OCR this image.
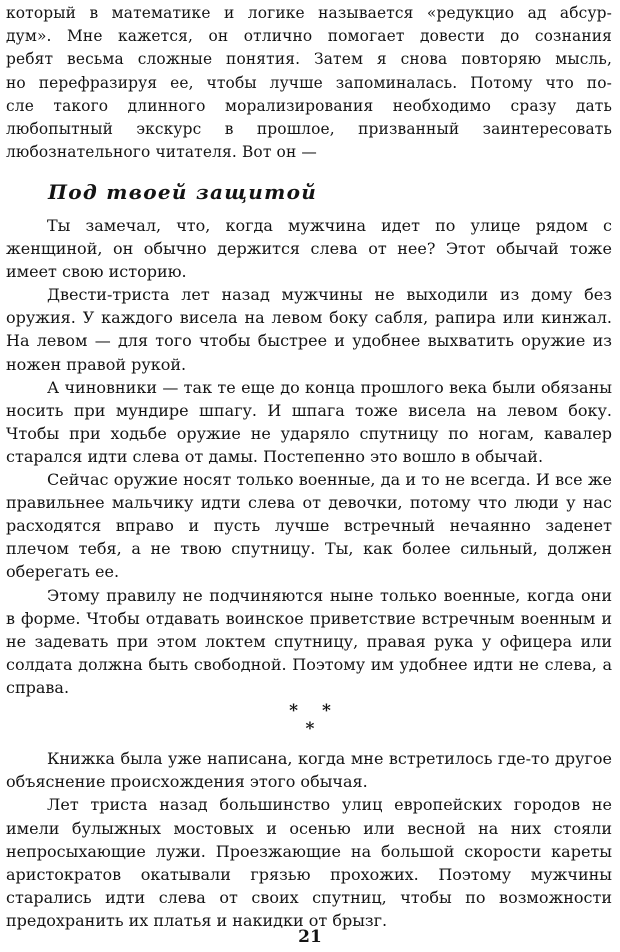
который в математике и логике называется «редукцио ад абсур-

дум». Мне кажется, он отлично помогает довести до сознания

ребят весьма сложные понятия. Затем я снова повторяю мысль,

но перефразируя ее, чтобы лучше запоминалась. Потому что по-

сле такого длинного морализирования необходимо сразу дать

любопытный экскурс в прошлое, призванный заинтересовать

любознательного читателя. Вот он —

Под твоей защитой

Ты замечал, что, когда мужчина идет по улице рядом с женщиной, он обычно держится слева от нее? Этот обычай тоже имеет свою историю.

Двести-триста лет назад мужчины не выходили из дому без оружия. У каждого висела на левом боку сабля, рапира или кинжал. На левом — для того чтобы быстрее и удобнее выхватить оружие из ножен правой рукой.

А чиновники — так те еще до конца прошлого века были обязаны носить при мундире шпагу. И шпага тоже висела на левом боку. Чтобы при ходьбе оружие не ударяло спутницу по ногам, кавалер старался идти слева от дамы. Постепенно это вошло в обычай.

Сейчас оружие носят только военные, да и то не всегда. И все же правильнее мальчику идти слева от девочки, потому что люди у нас расходятся вправо и пусть лучше встречный нечаянно заденет плечом тебя, а не твою спутницу. Ты, как более сильный, должен оберегать ее.

Этому правилу не подчиняются ныне только военные, когда они в форме. Чтобы отдавать воинское приветствие встречным военным и не задевать при этом локтем спутницу, правая рука у офицера или солдата должна быть свободной. Поэтому им удобнее идти не слева, а справа.

* *
*

Книжка была уже написана, когда мне встретилось где-то другое объяснение происхождения этого обычая.

Лет триста назад большинство улиц европейских городов не имели булыжных мостовых и осенью или весной на них стояли непросыхающие лужи. Проезжающие на большой скорости кареты аристократов окатывали грязью прохожих. Поэтому мужчины старались идти слева от своих спутниц, чтобы по возможности предохранить их платья и накидки от брызг.

21
